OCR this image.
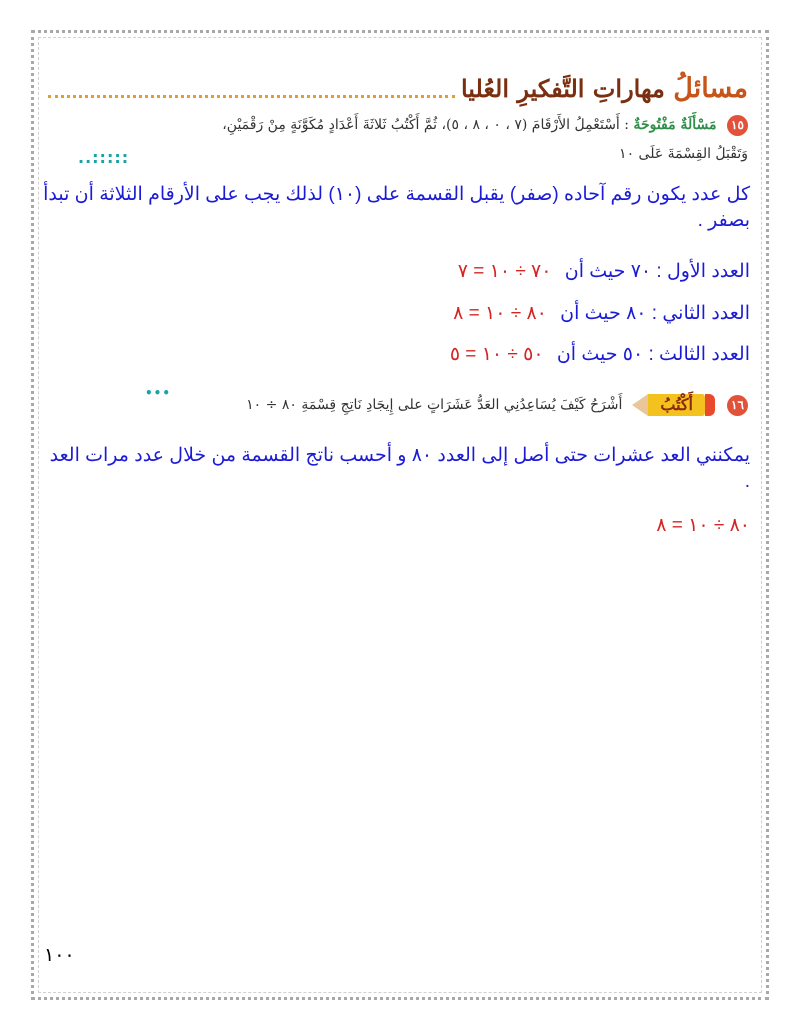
مسائلُ مهاراتِ التَّفكيرِ العُليا
١٥ مَسْأَلَةٌ مَفْتُوحَةٌ : أَسْتَعْمِلُ الأَرْقَامَ (٧ ، ٠ ، ٨ ، ٥)، ثُمَّ أَكْتُبُ ثَلاثَةَ أَعْدَادٍ مُكَوَّنَةٍ مِنْ رَقْمَيْنِ،
وَتَقْبَلُ القِسْمَةَ عَلَى ١٠
..:::::
كل عدد يكون رقم آحاده (صفر) يقبل القسمة على (١٠) لذلك يجب على الأرقام الثلاثة أن تبدأ بصفر .
العدد الأول : ٧٠ حيث أن ٧٠ ÷ ١٠ = ٧
العدد الثاني : ٨٠ حيث أن ٨٠ ÷ ١٠ = ٨
العدد الثالث : ٥٠ حيث أن ٥٠ ÷ ١٠ = ٥
١٦
أَكْتُبُ
أَشْرَحُ كَيْفَ يُسَاعِدُنِي العَدُّ عَشَرَاتٍ على إِيجَادِ نَاتِجِ قِسْمَةِ ٨٠ ÷ ١٠
•••
يمكنني العد عشرات حتى أصل إلى العدد ٨٠ و أحسب ناتج القسمة من خلال عدد مرات العد .
٨٠ ÷ ١٠ = ٨
١٠٠
